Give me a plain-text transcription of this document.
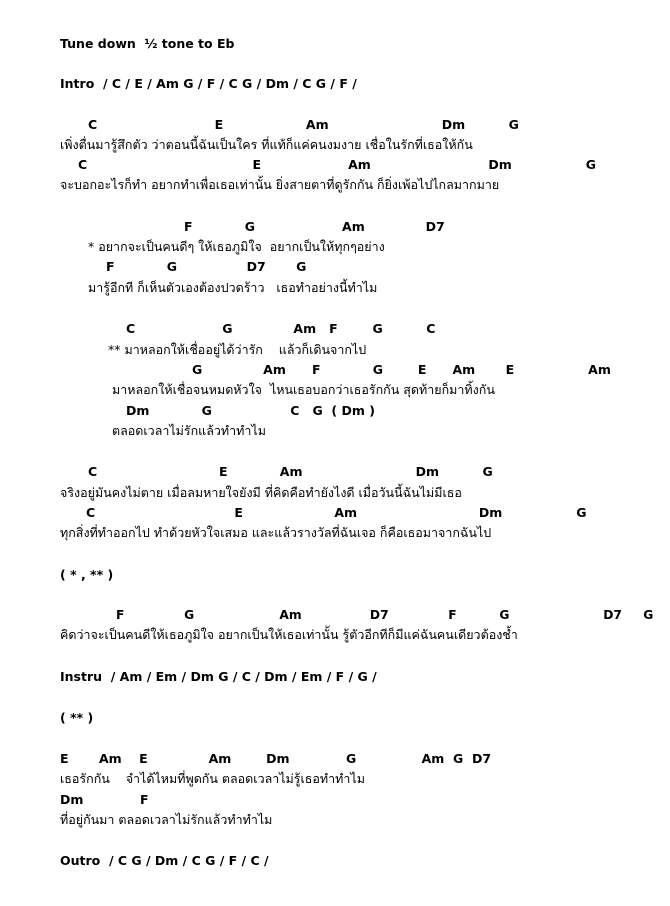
Tune down  ½ tone to Eb
Intro  / C / E / Am G / F / C G / Dm / C G / F /
C                           E                   Am                          Dm          G
เพิ่งตื่นมารู้สึกตัว ว่าตอนนี้ฉันเป็นใคร ที่แท้ก็แค่คนงมงาย เชื่อในรักที่เธอให้กัน
C                                      E                    Am                           Dm                 G
จะบอกอะไรก็ทำ อยากทำเพื่อเธอเท่านั้น ยิ่งสายตาที่ดูรักกัน ก็ยิ่งเพ้อไปไกลมากมาย
F            G                    Am              D7
* อยากจะเป็นคนดีๆ ให้เธอภูมิใจ  อยากเป็นให้ทุกๆอย่าง
F            G                D7       G
มารู้อีกที ก็เห็นตัวเองต้องปวดร้าว   เธอทำอย่างนี้ทำไม
C                    G              Am   F        G          C
** มาหลอกให้เชื่ออยู่ได้ว่ารัก    แล้วก็เดินจากไป
G              Am      F            G        E      Am       E                 Am
มาหลอกให้เชื่อจนหมดหัวใจ  ไหนเธอบอกว่าเธอรักกัน สุดท้ายก็มาทิ้งกัน
Dm            G                  C   G  ( Dm )
ตลอดเวลาไม่รักแล้วทำทำไม
C                            E            Am                          Dm          G
จริงอยู่มันคงไม่ตาย เมื่อลมหายใจยังมี ที่คิดคือทำยังไงดี เมื่อวันนี้ฉันไม่มีเธอ
C                                E                     Am                            Dm                 G
ทุกสิ่งที่ทำออกไป ทำด้วยหัวใจเสมอ และแล้วรางวัลที่ฉันเจอ ก็คือเธอมาจากฉันไป
( * , ** )
F              G                    Am                D7              F          G                      D7     G
คิดว่าจะเป็นคนดีให้เธอภูมิใจ อยากเป็นให้เธอเท่านั้น รู้ตัวอีกทีก็มีแค่ฉันคนเดียวต้องช้ำ
Instru  / Am / Em / Dm G / C / Dm / Em / F / G /
( ** )
E       Am    E              Am        Dm             G               Am  G  D7
เธอรักกัน    จำได้ไหมที่พูดกัน ตลอดเวลาไม่รู้เธอทำทำไม
Dm             F
ที่อยู่กันมา ตลอดเวลาไม่รักแล้วทำทำไม
Outro  / C G / Dm / C G / F / C /
